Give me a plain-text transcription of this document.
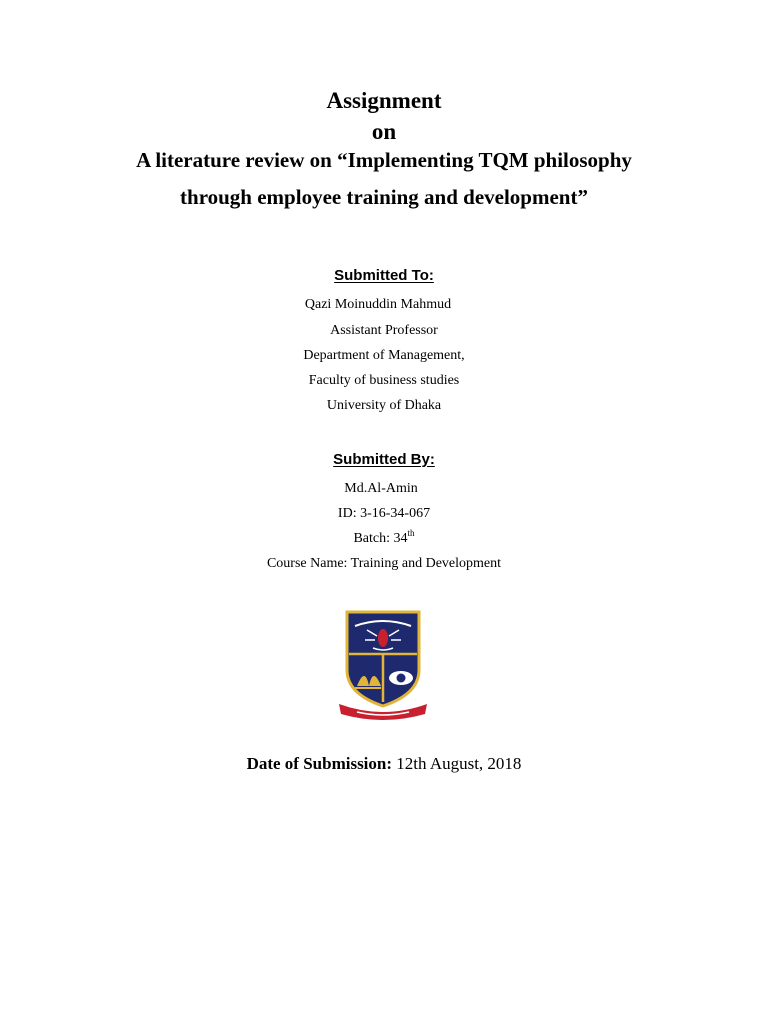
Assignment
on
A literature review on “Implementing TQM philosophy
through employee training and development”
Submitted To:
Qazi Moinuddin Mahmud
Assistant Professor
Department of Management,
Faculty of business studies
University of Dhaka
Submitted By:
Md.Al-Amin
ID: 3-16-34-067
Batch: 34th
Course Name: Training and Development
Date of Submission: 12th August, 2018
